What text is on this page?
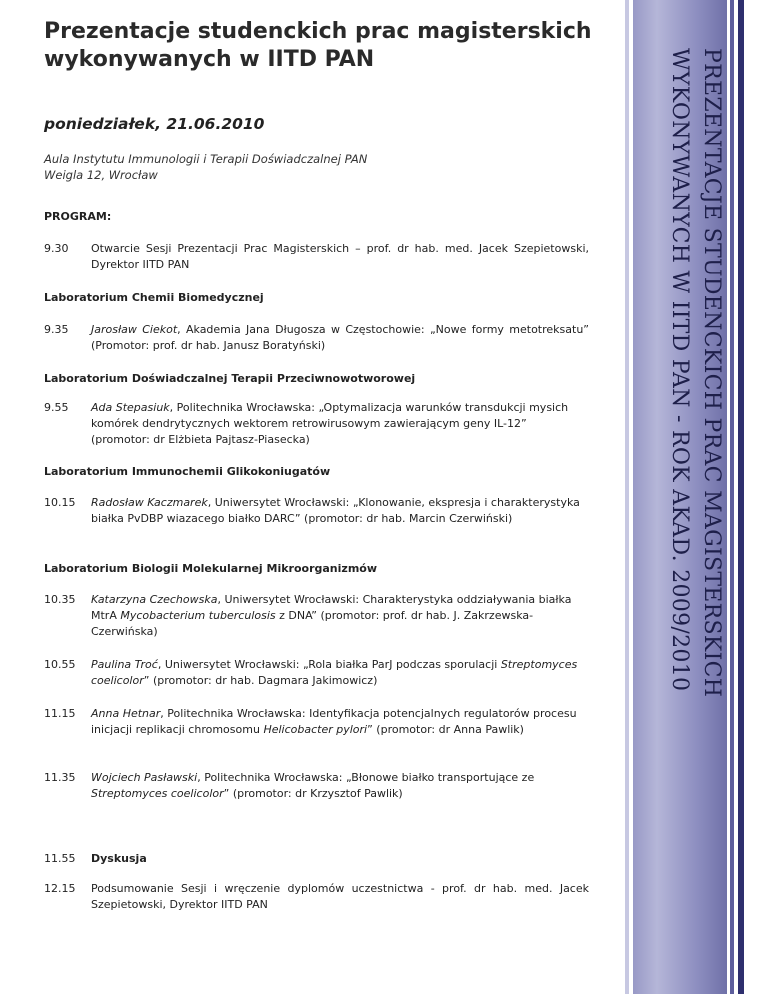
PREZENTACJE STUDENCKICH PRAC MAGISTERSKICH
WYKONYWANYCH W IITD PAN - ROK AKAD. 2009/2010
Prezentacje studenckich prac magisterskich wykonywanych w IITD PAN

poniedziałek, 21.06.2010

Aula Instytutu Immunologii i Terapii Doświadczalnej PAN
Weigla 12, Wrocław
PROGRAM:
9.30	Otwarcie Sesji Prezentacji Prac Magisterskich – prof. dr hab. med. Jacek Szepietowski, Dyrektor IITD PAN
Laboratorium Chemii Biomedycznej
9.35	Jarosław Ciekot, Akademia Jana Długosza w Częstochowie: „Nowe formy metotreksatu” (Promotor: prof. dr hab. Janusz Boratyński)
Laboratorium Doświadczalnej Terapii Przeciwnowotworowej
9.55	Ada Stepasiuk, Politechnika Wrocławska: „Optymalizacja warunków transdukcji mysich komórek dendrytycznych wektorem retrowirusowym zawierającym geny IL-12” (promotor: dr Elżbieta Pajtasz-Piasecka)
Laboratorium Immunochemii Glikokoniugatów
10.15	Radosław Kaczmarek, Uniwersytet Wrocławski: „Klonowanie, ekspresja i charakterystyka białka PvDBP wiazacego białko DARC” (promotor: dr hab. Marcin Czerwiński)
Laboratorium Biologii Molekularnej Mikroorganizmów
10.35	Katarzyna Czechowska, Uniwersytet Wrocławski: Charakterystyka oddziaływania białka MtrA Mycobacterium tuberculosis z DNA” (promotor: prof. dr hab. J. Zakrzewska-Czerwińska)
10.55	Paulina Troć, Uniwersytet Wrocławski: „Rola białka ParJ podczas sporulacji Streptomyces coelicolor” (promotor: dr hab. Dagmara Jakimowicz)
11.15	Anna Hetnar, Politechnika Wrocławska: Identyfikacja potencjalnych regulatorów procesu inicjacji replikacji chromosomu Helicobacter pylori” (promotor: dr Anna Pawlik)
11.35	Wojciech Pasławski, Politechnika Wrocławska: „Błonowe białko transportujące ze Streptomyces coelicolor” (promotor: dr Krzysztof Pawlik)
11.55	Dyskusja
12.15	Podsumowanie Sesji i wręczenie dyplomów uczestnictwa - prof. dr hab. med. Jacek Szepietowski, Dyrektor IITD PAN
